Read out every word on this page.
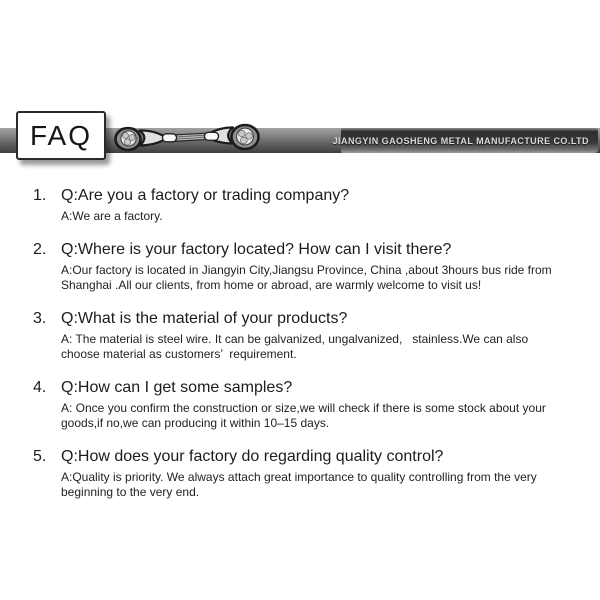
JIANGYIN GAOSHENG METAL MANUFACTURE CO.LTD
FAQ
1. Q:Are you a factory or trading company?
A:We are a factory.
2. Q:Where is your factory located? How can I visit there?
A:Our factory is located in Jiangyin City,Jiangsu Province, China ,about 3hours bus ride from Shanghai .All our clients, from home or abroad, are warmly welcome to visit us!
3. Q:What is the material of your products?
A: The material is steel wire. It can be galvanized, ungalvanized,   stainless.We can also choose material as customers’  requirement.
4. Q:How can I get some samples?
A: Once you confirm the construction or size,we will check if there is some stock about your goods,if no,we can producing it within 10–15 days.
5. Q:How does your factory do regarding quality control?
A:Quality is priority. We always attach great importance to quality controlling from the very beginning to the very end.
